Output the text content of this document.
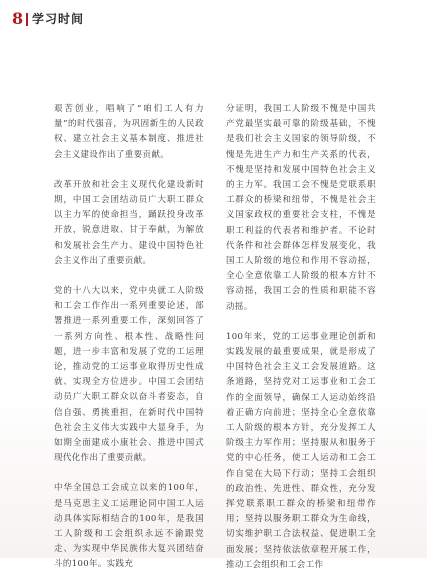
8 学习时间

艰苦创业，唱响了“咱们工人有力量”的时代强音，为巩固新生的人民政权、建立社会主义基本制度、推进社会主义建设作出了重要贡献。

改革开放和社会主义现代化建设新时期，中国工会团结动员广大职工群众以主力军的使命担当，踊跃投身改革开放，锐意进取、甘于奉献，为解放和发展社会生产力、建设中国特色社会主义作出了重要贡献。

党的十八大以来，党中央就工人阶级和工会工作作出一系列重要论述，部署推进一系列重要工作，深刻回答了一系列方向性、根本性、战略性问题，进一步丰富和发展了党的工运理论，推动党的工运事业取得历史性成就、实现全方位进步。中国工会团结动员广大职工群众以奋斗者姿态，自信自强、勇挑重担，在新时代中国特色社会主义伟大实践中大显身手，为如期全面建成小康社会、推进中国式现代化作出了重要贡献。

中华全国总工会成立以来的100年，是马克思主义工运理论同中国工人运动具体实际相结合的100年，是我国工人阶级和工会组织永远不渝跟党走、为实现中华民族伟大复兴团结奋斗的100年。实践充

分证明，我国工人阶级不愧是中国共产党最坚实最可靠的阶级基础，不愧是我们社会主义国家的领导阶级，不愧是先进生产力和生产关系的代表，不愧是坚持和发展中国特色社会主义的主力军。我国工会不愧是党联系职工群众的桥梁和纽带，不愧是社会主义国家政权的重要社会支柱，不愧是职工利益的代表者和维护者。不论时代条件和社会群体怎样发展变化，我国工人阶级的地位和作用不容动摇，全心全意依靠工人阶级的根本方针不容动摇，我国工会的性质和职能不容动摇。

100年来，党的工运事业理论创新和实践发展的最重要成果，就是形成了中国特色社会主义工会发展道路。这条道路，坚持党对工运事业和工会工作的全面领导，确保工人运动始终沿着正确方向前进；坚持全心全意依靠工人阶级的根本方针，充分发挥工人阶级主力军作用；坚持服从和服务于党的中心任务，使工人运动和工会工作自觉在大局下行动；坚持工会组织的政治性、先进性、群众性，充分发挥党联系职工群众的桥梁和纽带作用；坚持以服务职工群众为生命线，切实维护职工合法权益、促进职工全面发展；坚持依法依章程开展工作，推动工会组织和工会工作
